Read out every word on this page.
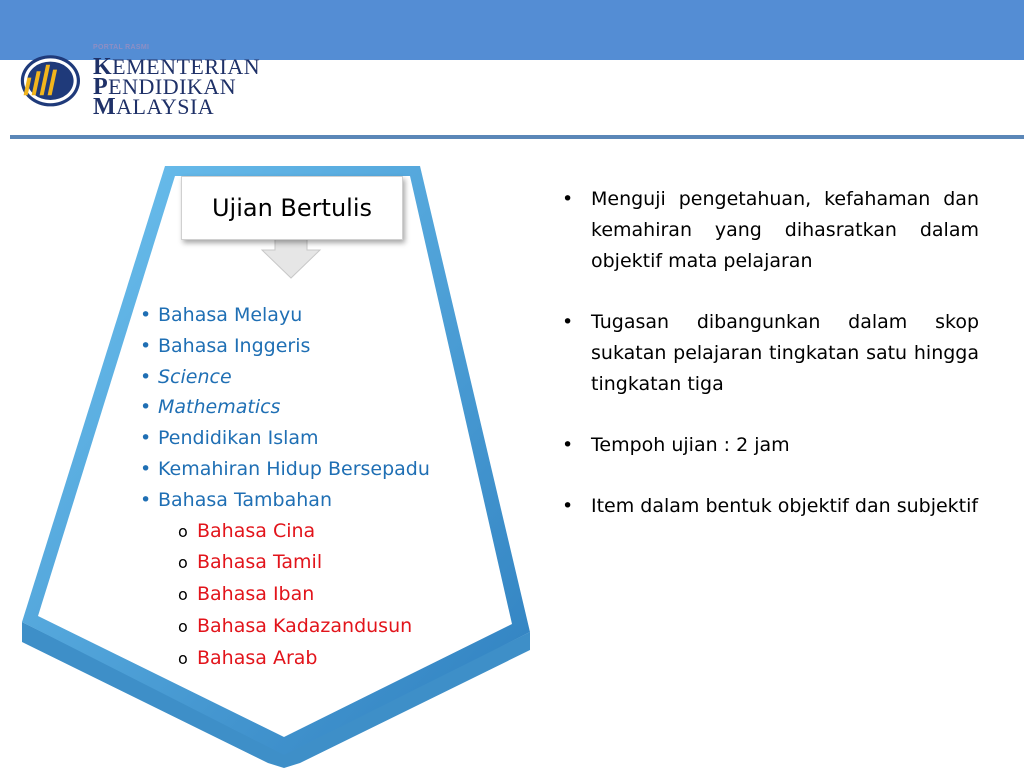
PORTAL RASMI
KEMENTERIAN
PENDIDIKAN
MALAYSIA
Ujian Bertulis
• Bahasa Melayu
• Bahasa Inggeris
• Science
• Mathematics
• Pendidikan Islam
• Kemahiran Hidup Bersepadu
• Bahasa Tambahan
o Bahasa Cina
o Bahasa Tamil
o Bahasa Iban
o Bahasa Kadazandusun
o Bahasa Arab
• Menguji pengetahuan, kefahaman dan kemahiran yang dihasratkan dalam objektif mata pelajaran
• Tugasan dibangunkan dalam skop sukatan pelajaran tingkatan satu hingga tingkatan tiga
• Tempoh ujian : 2 jam
• Item dalam bentuk objektif dan subjektif
